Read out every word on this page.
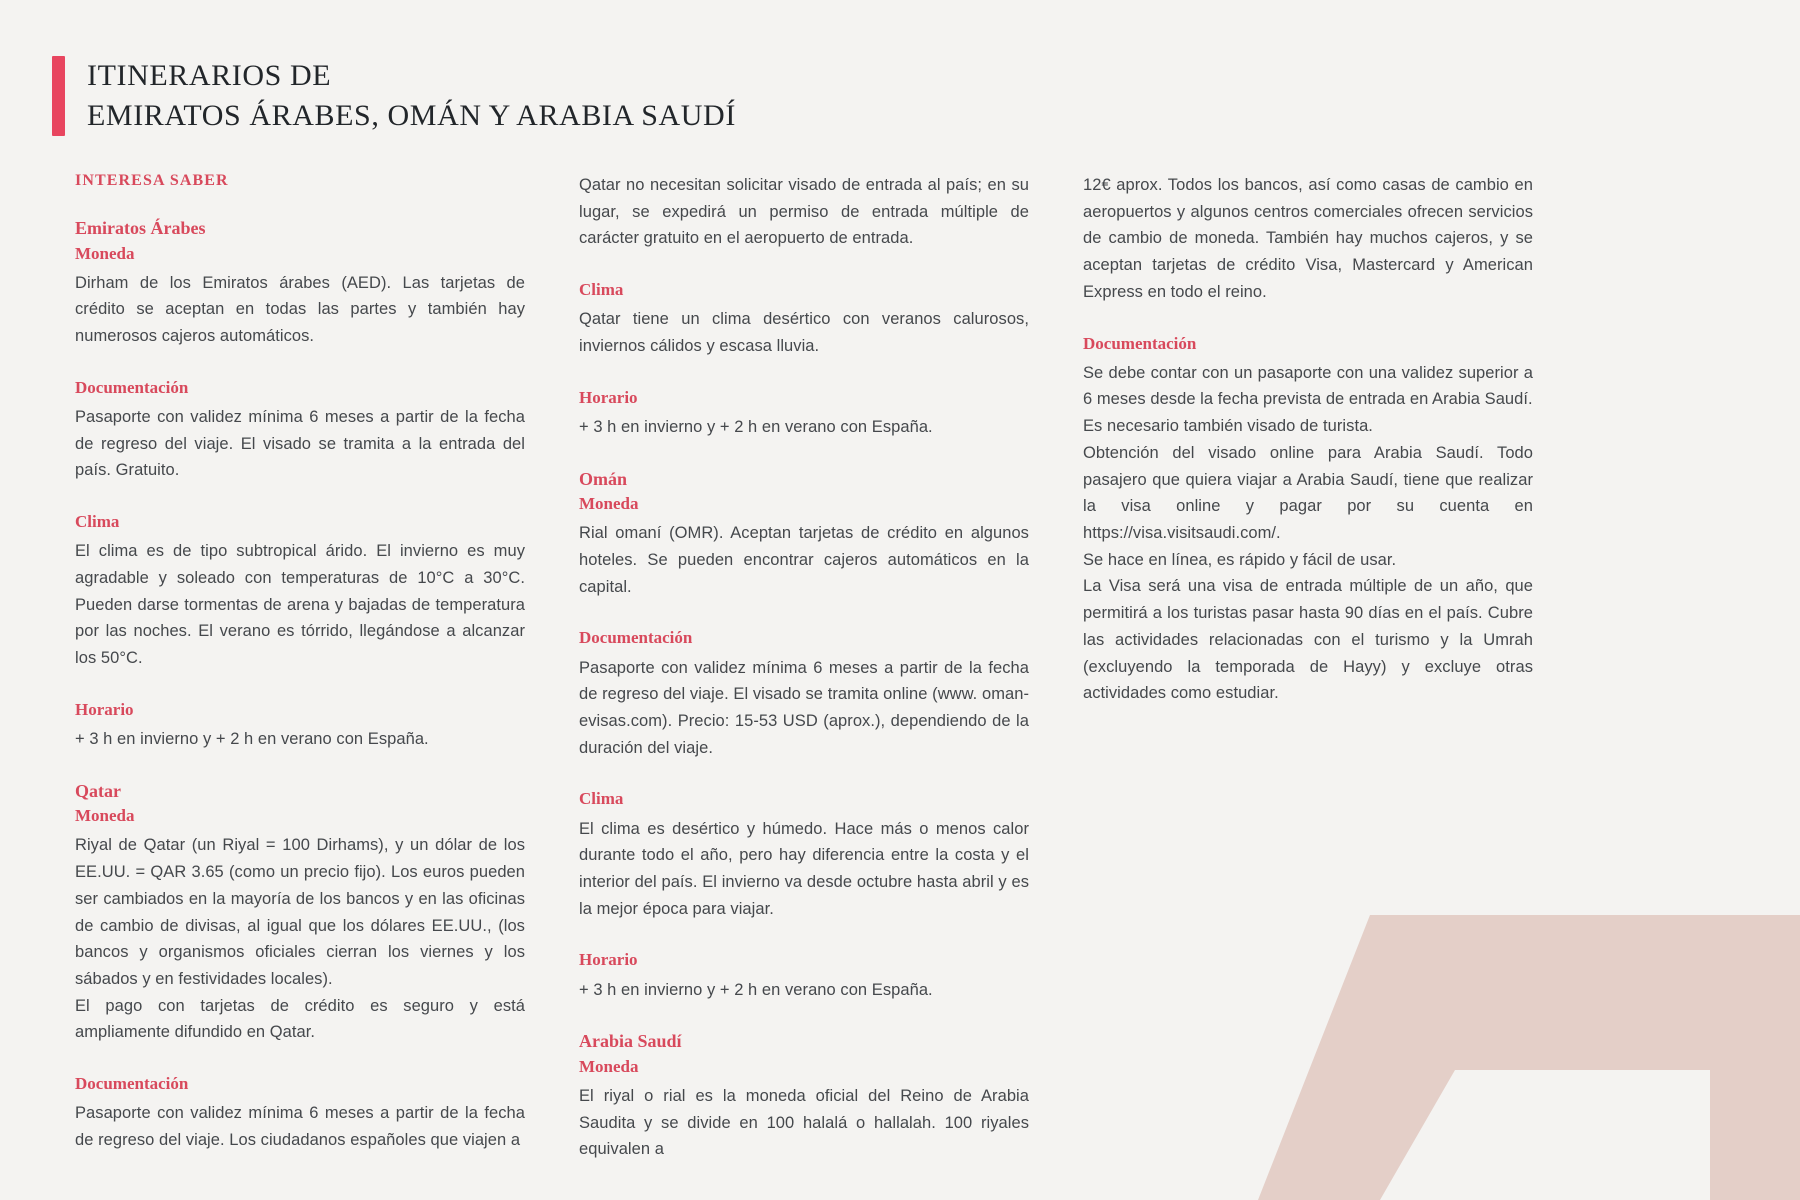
ITINERARIOS DE
EMIRATOS ÁRABES, OMÁN Y ARABIA SAUDÍ
INTERESA SABER
Emiratos Árabes
Moneda

Dirham de los Emiratos árabes (AED). Las tarjetas de crédito se aceptan en todas las partes y también hay numerosos cajeros automáticos.

Documentación

Pasaporte con validez mínima 6 meses a partir de la fecha de regreso del viaje. El visado se tramita a la entrada del país. Gratuito.

Clima

El clima es de tipo subtropical árido. El invierno es muy agradable y soleado con temperaturas de 10°C a 30°C. Pueden darse tormentas de arena y bajadas de temperatura por las noches. El verano es tórrido, llegándose a alcanzar los 50°C.

Horario

+ 3 h en invierno y + 2 h en verano con España.

Qatar
Moneda

Riyal de Qatar (un Riyal = 100 Dirhams), y un dólar de los EE.UU. = QAR 3.65 (como un precio fijo). Los euros pueden ser cambiados en la mayoría de los bancos y en las oficinas de cambio de divisas, al igual que los dólares EE.UU., (los bancos y organismos oficiales cierran los viernes y los sábados y en festividades locales).

El pago con tarjetas de crédito es seguro y está ampliamente difundido en Qatar.

Documentación

Pasaporte con validez mínima 6 meses a partir de la fecha de regreso del viaje. Los ciudadanos españoles que viajen a

Qatar no necesitan solicitar visado de entrada al país; en su lugar, se expedirá un permiso de entrada múltiple de carácter gratuito en el aeropuerto de entrada.

Clima

Qatar tiene un clima desértico con veranos calurosos, inviernos cálidos y escasa lluvia.

Horario

+ 3 h en invierno y + 2 h en verano con España.

Omán
Moneda

Rial omaní (OMR). Aceptan tarjetas de crédito en algunos hoteles. Se pueden encontrar cajeros automáticos en la capital.

Documentación

Pasaporte con validez mínima 6 meses a partir de la fecha de regreso del viaje. El visado se tramita online (www. oman-evisas.com). Precio: 15-53 USD (aprox.), dependiendo de la duración del viaje.

Clima

El clima es desértico y húmedo. Hace más o menos calor durante todo el año, pero hay diferencia entre la costa y el interior del país. El invierno va desde octubre hasta abril y es la mejor época para viajar.

Horario

+ 3 h en invierno y + 2 h en verano con España.

Arabia Saudí
Moneda

El riyal o rial es la moneda oficial del Reino de Arabia Saudita y se divide en 100 halalá o hallalah. 100 riyales equivalen a

12€ aprox. Todos los bancos, así como casas de cambio en aeropuertos y algunos centros comerciales ofrecen servicios de cambio de moneda. También hay muchos cajeros, y se aceptan tarjetas de crédito Visa, Mastercard y American Express en todo el reino.

Documentación

Se debe contar con un pasaporte con una validez superior a 6 meses desde la fecha prevista de entrada en Arabia Saudí.

Es necesario también visado de turista.

Obtención del visado online para Arabia Saudí. Todo pasajero que quiera viajar a Arabia Saudí, tiene que realizar la visa online y pagar por su cuenta en https://visa.visitsaudi.com/.

Se hace en línea, es rápido y fácil de usar.

La Visa será una visa de entrada múltiple de un año, que permitirá a los turistas pasar hasta 90 días en el país. Cubre las actividades relacionadas con el turismo y la Umrah (excluyendo la temporada de Hayy) y excluye otras actividades como estudiar.
